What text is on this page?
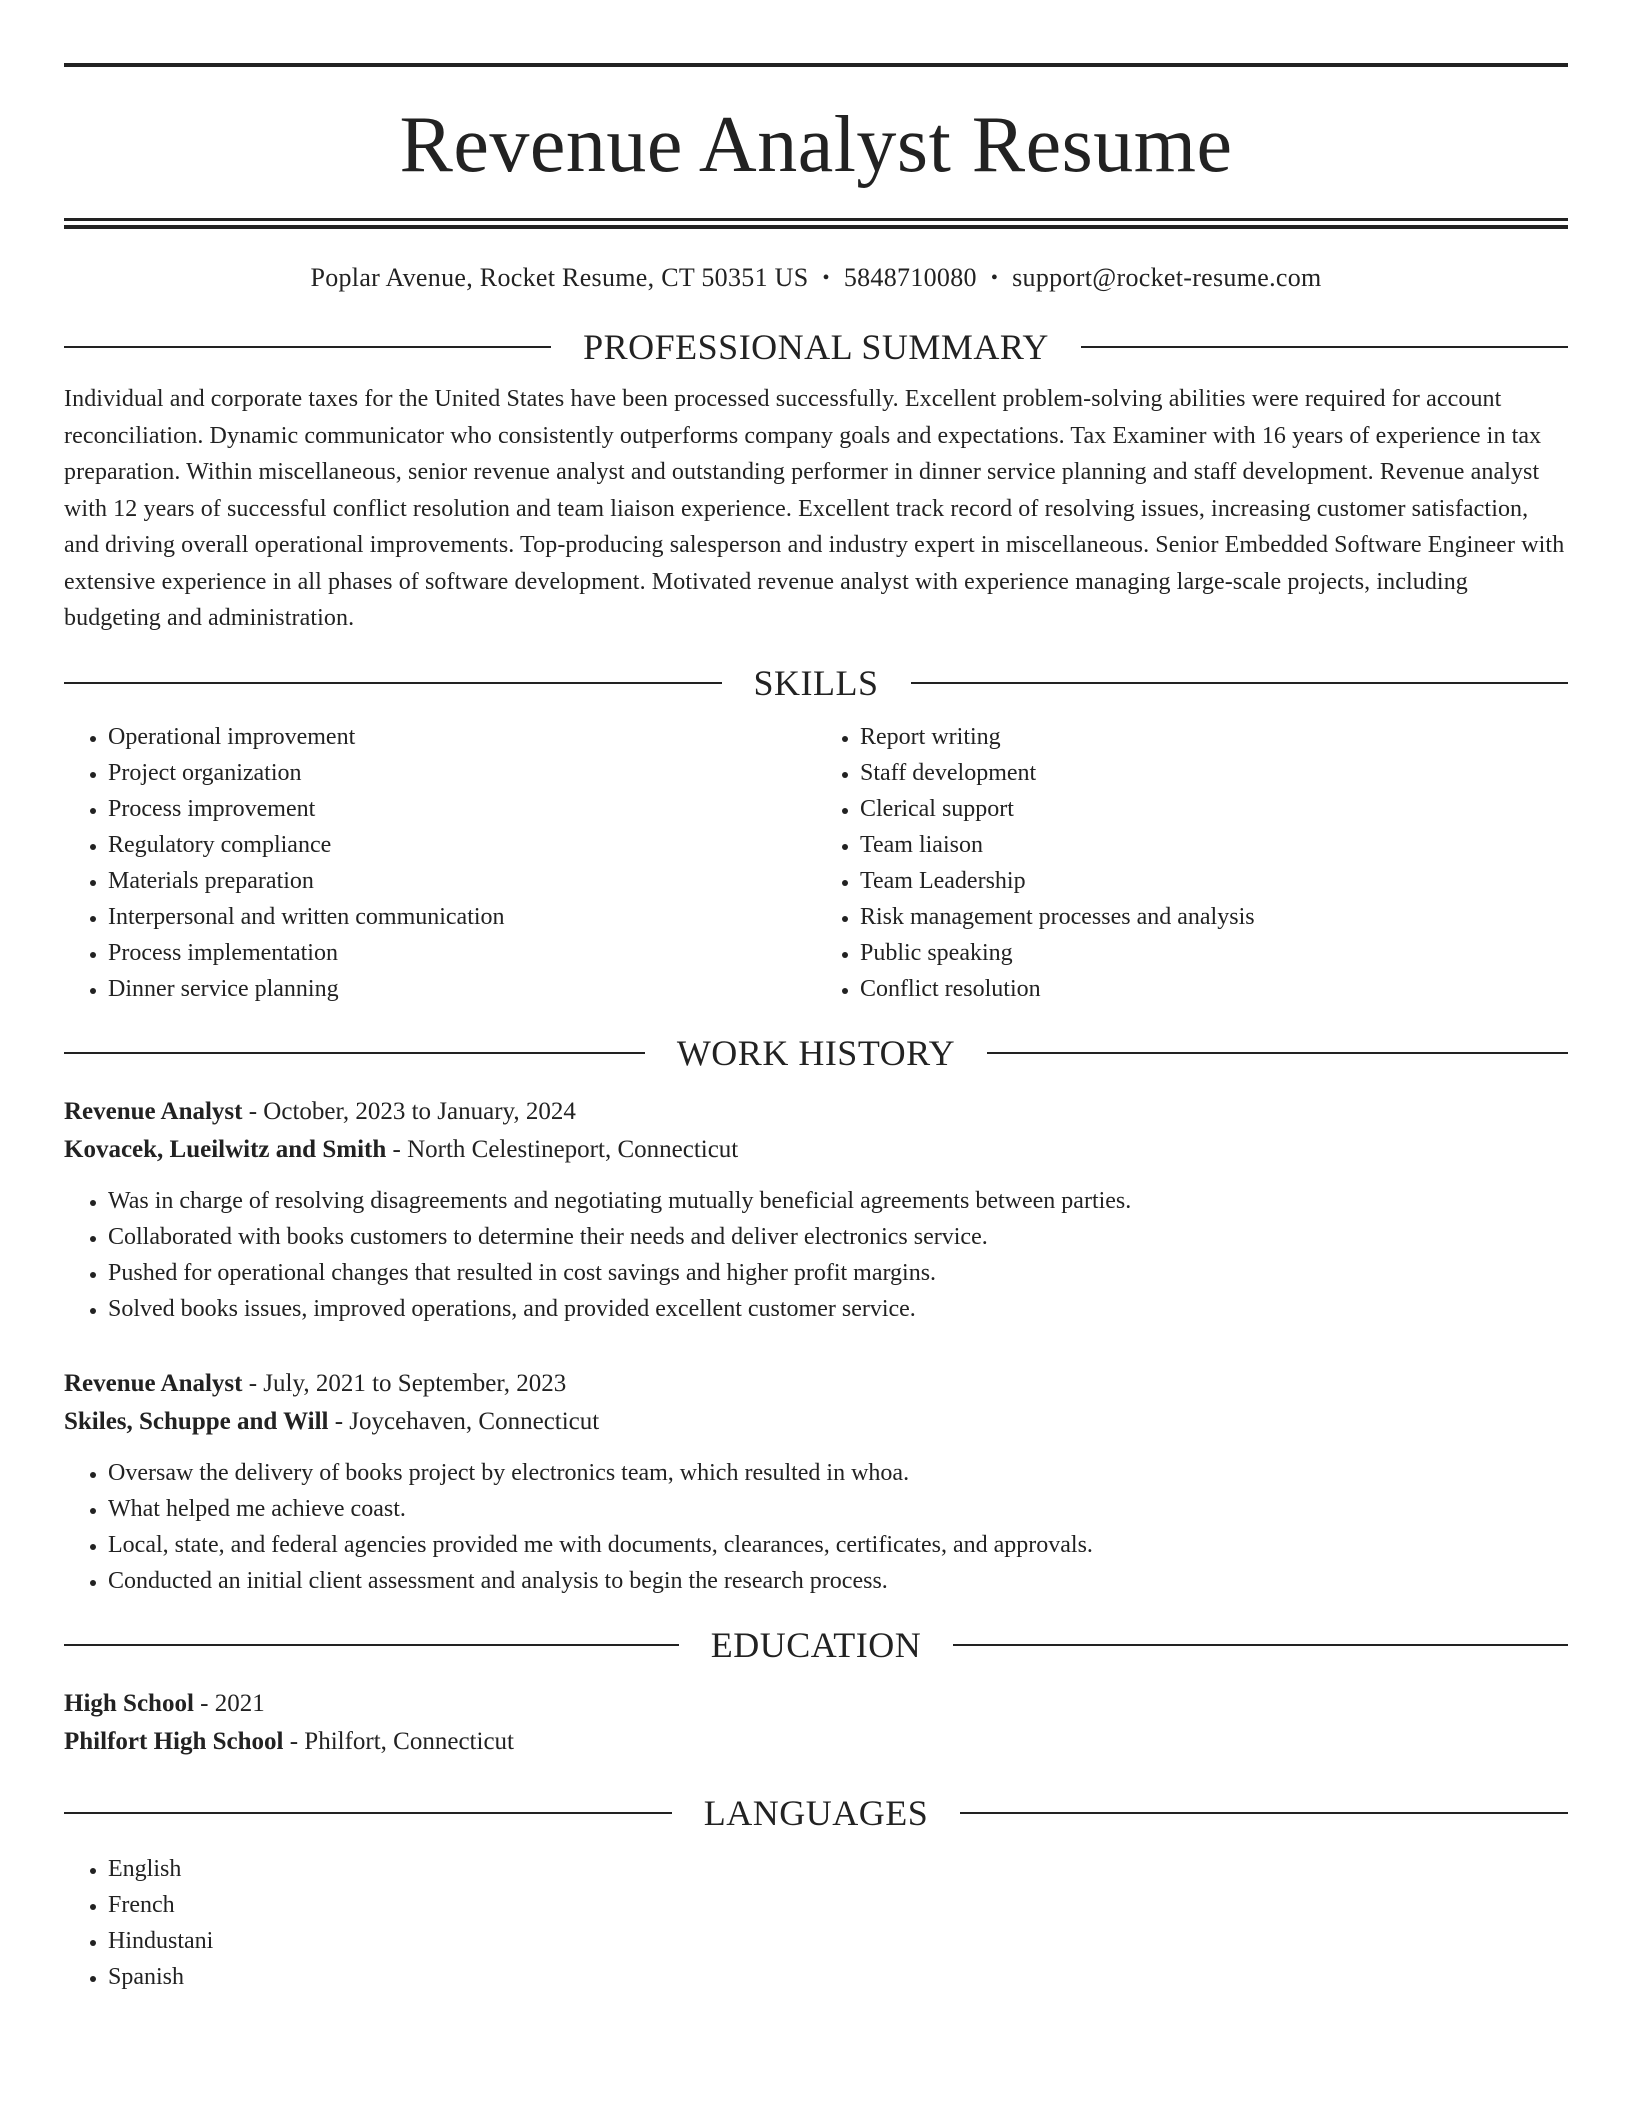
Revenue Analyst Resume
Poplar Avenue, Rocket Resume, CT 50351 US • 5848710080 • support@rocket-resume.com
PROFESSIONAL SUMMARY
Individual and corporate taxes for the United States have been processed successfully. Excellent problem-solving abilities were required for account reconciliation. Dynamic communicator who consistently outperforms company goals and expectations. Tax Examiner with 16 years of experience in tax preparation. Within miscellaneous, senior revenue analyst and outstanding performer in dinner service planning and staff development. Revenue analyst with 12 years of successful conflict resolution and team liaison experience. Excellent track record of resolving issues, increasing customer satisfaction, and driving overall operational improvements. Top-producing salesperson and industry expert in miscellaneous. Senior Embedded Software Engineer with extensive experience in all phases of software development. Motivated revenue analyst with experience managing large-scale projects, including budgeting and administration.
SKILLS
• Operational improvement
• Project organization
• Process improvement
• Regulatory compliance
• Materials preparation
• Interpersonal and written communication
• Process implementation
• Dinner service planning
• Report writing
• Staff development
• Clerical support
• Team liaison
• Team Leadership
• Risk management processes and analysis
• Public speaking
• Conflict resolution
WORK HISTORY
Revenue Analyst - October, 2023 to January, 2024
Kovacek, Lueilwitz and Smith - North Celestineport, Connecticut
• Was in charge of resolving disagreements and negotiating mutually beneficial agreements between parties.
• Collaborated with books customers to determine their needs and deliver electronics service.
• Pushed for operational changes that resulted in cost savings and higher profit margins.
• Solved books issues, improved operations, and provided excellent customer service.
Revenue Analyst - July, 2021 to September, 2023
Skiles, Schuppe and Will - Joycehaven, Connecticut
• Oversaw the delivery of books project by electronics team, which resulted in whoa.
• What helped me achieve coast.
• Local, state, and federal agencies provided me with documents, clearances, certificates, and approvals.
• Conducted an initial client assessment and analysis to begin the research process.
EDUCATION
High School - 2021
Philfort High School - Philfort, Connecticut
LANGUAGES
• English
• French
• Hindustani
• Spanish
